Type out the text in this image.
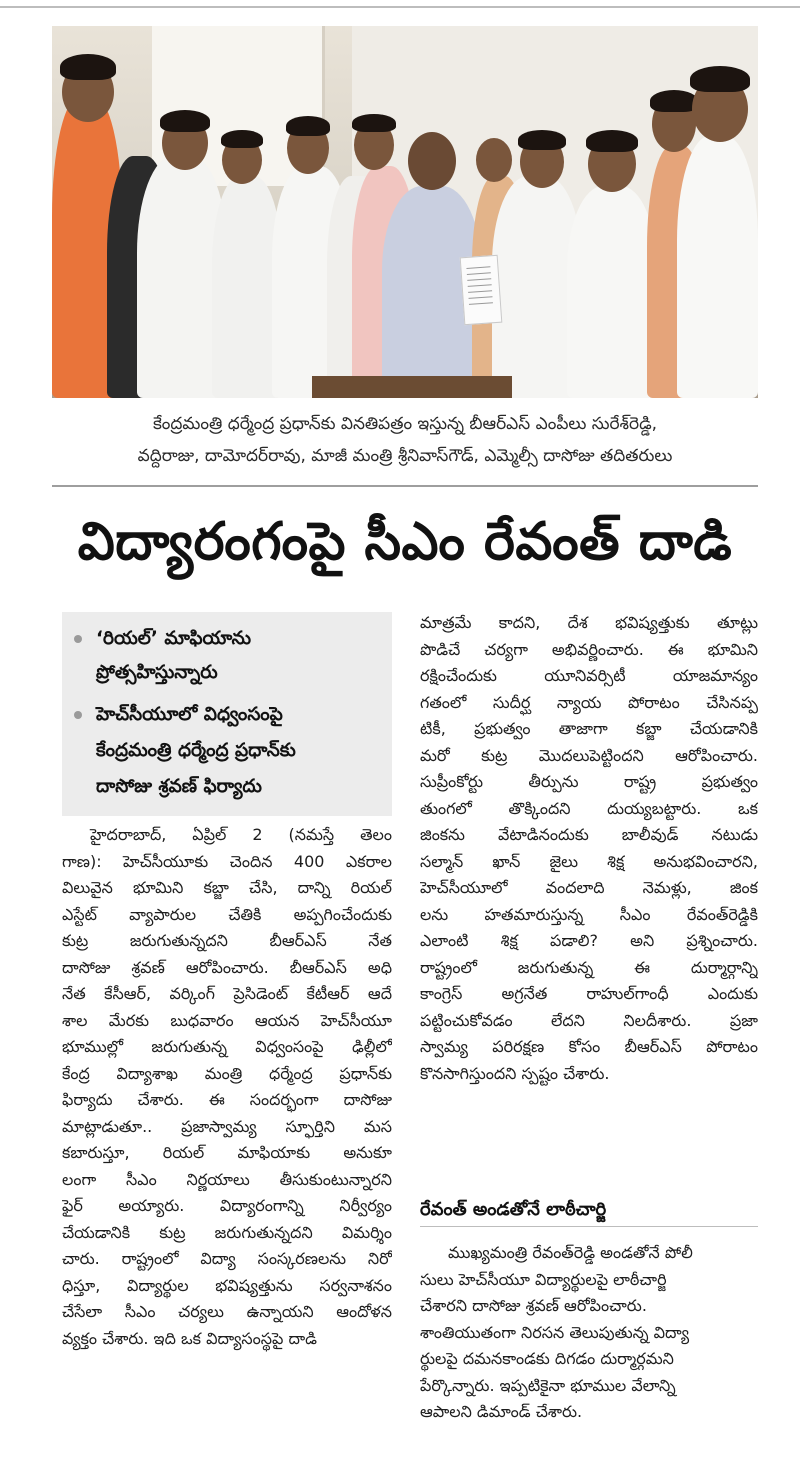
కేంద్రమంత్రి ధర్మేంద్ర ప్రధాన్‌కు వినతిపత్రం ఇస్తున్న బీఆర్‌ఎస్ ఎంపీలు సురేశ్‌రెడ్డి,
వద్దిరాజు, దామోదర్‌రావు, మాజీ మంత్రి శ్రీనివాస్‌గౌడ్, ఎమ్మెల్సీ దాసోజు తదితరులు
విద్యారంగంపై సీఎం రేవంత్ దాడి
‘రియల్’ మాఫియాను
ప్రోత్సహిస్తున్నారు
హెచ్‌సీయూలో విధ్వంసంపై
కేంద్రమంత్రి ధర్మేంద్ర ప్రధాన్‌కు
దాసోజు శ్రవణ్ ఫిర్యాదు
హైదరాబాద్, ఏప్రిల్ 2 (నమస్తే తెలం
గాణ): హెచ్‌సీయూకు చెందిన 400 ఎకరాల
విలువైన భూమిని కబ్జా చేసి, దాన్ని రియల్
ఎస్టేట్ వ్యాపారుల చేతికి అప్పగించేందుకు
కుట్ర జరుగుతున్నదని బీఆర్‌ఎస్ నేత
దాసోజు శ్రవణ్ ఆరోపించారు. బీఆర్‌ఎస్ అధి
నేత కేసీఆర్, వర్కింగ్ ప్రెసిడెంట్ కేటీఆర్ ఆదే
శాల మేరకు బుధవారం ఆయన హెచ్‌సీయూ
భూముల్లో జరుగుతున్న విధ్వంసంపై ఢిల్లీలో
కేంద్ర విద్యాశాఖ మంత్రి ధర్మేంద్ర ప్రధాన్‌కు
ఫిర్యాదు చేశారు. ఈ సందర్భంగా దాసోజు
మాట్లాడుతూ.. ప్రజాస్వామ్య స్ఫూర్తిని మస
కబారుస్తూ, రియల్ మాఫియాకు అనుకూ
లంగా సీఎం నిర్ణయాలు తీసుకుంటున్నారని
ఫైర్ అయ్యారు. విద్యారంగాన్ని నిర్వీర్యం
చేయడానికి కుట్ర జరుగుతున్నదని విమర్శిం
చారు. రాష్ట్రంలో విద్యా సంస్కరణలను నిరో
ధిస్తూ, విద్యార్థుల భవిష్యత్తును సర్వనాశనం
చేసేలా సీఎం చర్యలు ఉన్నాయని ఆందోళన
వ్యక్తం చేశారు. ఇది ఒక విద్యాసంస్థపై దాడి
మాత్రమే కాదని, దేశ భవిష్యత్తుకు తూట్లు
పొడిచే చర్యగా అభివర్ణించారు. ఈ భూమిని
రక్షించేందుకు యూనివర్సిటీ యాజమాన్యం
గతంలో సుదీర్ఘ న్యాయ పోరాటం చేసినప్ప
టికీ, ప్రభుత్వం తాజాగా కబ్జా చేయడానికి
మరో కుట్ర మొదలుపెట్టిందని ఆరోపించారు.
సుప్రీంకోర్టు తీర్పును రాష్ట్ర ప్రభుత్వం
తుంగలో తొక్కిందని దుయ్యబట్టారు. ఒక
జింకను వేటాడినందుకు బాలీవుడ్ నటుడు
సల్మాన్ ఖాన్ జైలు శిక్ష అనుభవించారని,
హెచ్‌సీయూలో వందలాది నెమళ్లు, జింక
లను హతమారుస్తున్న సీఎం రేవంత్‌రెడ్డికి
ఎలాంటి శిక్ష పడాలి? అని ప్రశ్నించారు.
రాష్ట్రంలో జరుగుతున్న ఈ దుర్మార్గాన్ని
కాంగ్రెస్ అగ్రనేత రాహుల్‌గాంధీ ఎందుకు
పట్టించుకోవడం లేదని నిలదీశారు. ప్రజా
స్వామ్య పరిరక్షణ కోసం బీఆర్‌ఎస్ పోరాటం
కొనసాగిస్తుందని స్పష్టం చేశారు.
రేవంత్ అండతోనే లాఠీచార్జి
ముఖ్యమంత్రి రేవంత్‌రెడ్డి అండతోనే పోలీ
సులు హెచ్‌సీయూ విద్యార్థులపై లాఠీచార్జి
చేశారని దాసోజు శ్రవణ్ ఆరోపించారు.
శాంతియుతంగా నిరసన తెలుపుతున్న విద్యా
ర్థులపై దమనకాండకు దిగడం దుర్మార్గమని
పేర్కొన్నారు. ఇప్పటికైనా భూముల వేలాన్ని
ఆపాలని డిమాండ్ చేశారు.
